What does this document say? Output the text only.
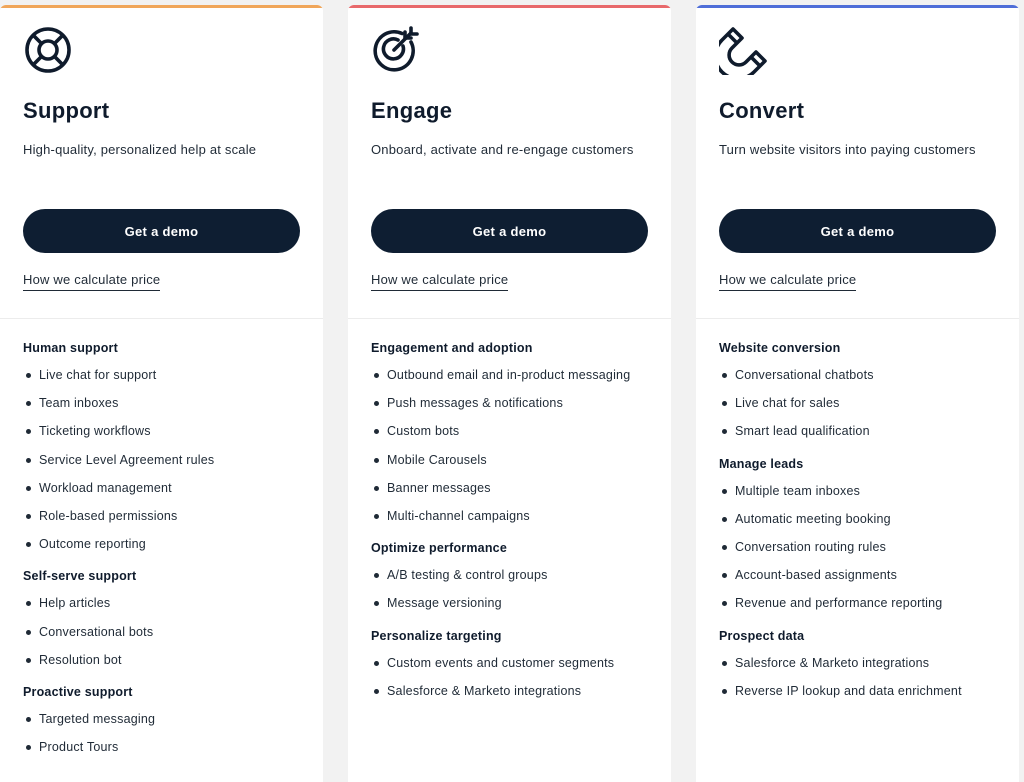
Support

High-quality, personalized help at scale

Get a demo
How we calculate price
Human support
Live chat for support
Team inboxes
Ticketing workflows
Service Level Agreement rules
Workload management
Role-based permissions
Outcome reporting
Self-serve support
Help articles
Conversational bots
Resolution bot
Proactive support
Targeted messaging
Product Tours
Engage

Onboard, activate and re-engage customers

Get a demo
How we calculate price
Engagement and adoption
Outbound email and in-product messaging
Push messages & notifications
Custom bots
Mobile Carousels
Banner messages
Multi-channel campaigns
Optimize performance
A/B testing & control groups
Message versioning
Personalize targeting
Custom events and customer segments
Salesforce & Marketo integrations
Convert

Turn website visitors into paying customers

Get a demo
How we calculate price
Website conversion
Conversational chatbots
Live chat for sales
Smart lead qualification
Manage leads
Multiple team inboxes
Automatic meeting booking
Conversation routing rules
Account-based assignments
Revenue and performance reporting
Prospect data
Salesforce & Marketo integrations
Reverse IP lookup and data enrichment
